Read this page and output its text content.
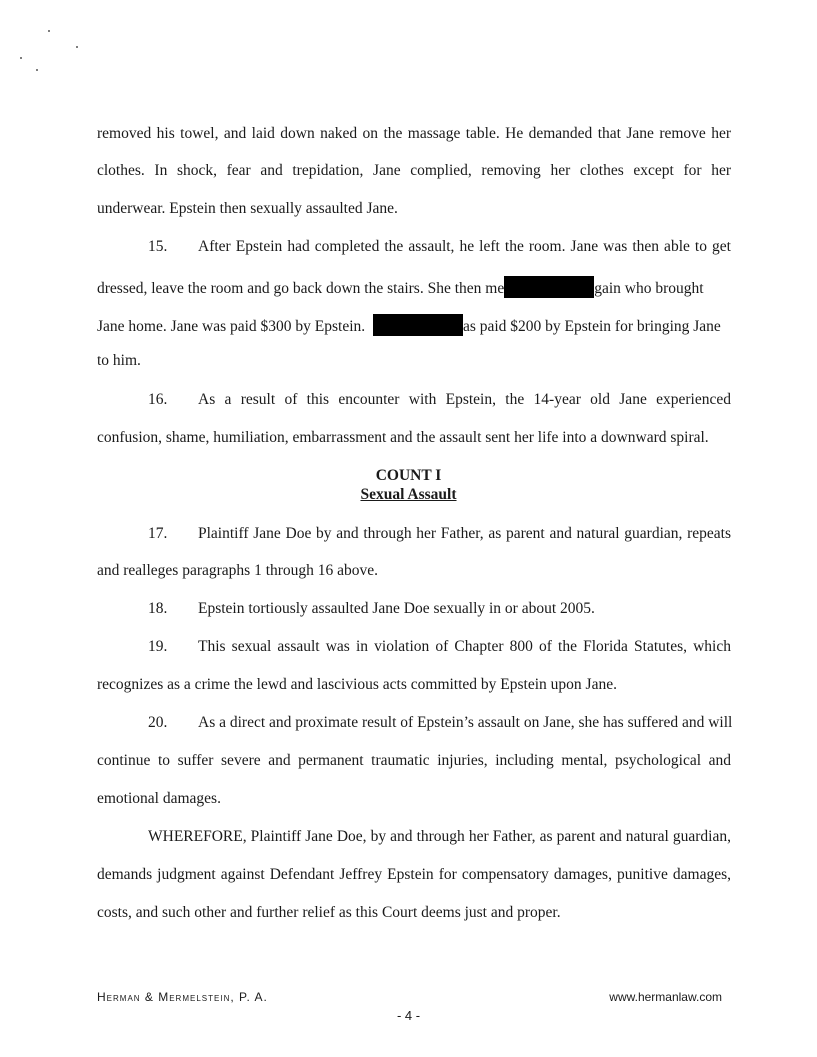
removed his towel, and laid down naked on the massage table. He demanded that Jane remove her
clothes. In shock, fear and trepidation, Jane complied, removing her clothes except for her
underwear. Epstein then sexually assaulted Jane.
15. After Epstein had completed the assault, he left the room. Jane was then able to get
dressed, leave the room and go back down the stairs. She then me	gain who brought
Jane home. Jane was paid $300 by Epstein.	as paid $200 by Epstein for bringing Jane
to him.
16. As a result of this encounter with Epstein, the 14-year old Jane experienced
confusion, shame, humiliation, embarrassment and the assault sent her life into a downward spiral.
COUNT I
Sexual Assault
17. Plaintiff Jane Doe by and through her Father, as parent and natural guardian, repeats
and realleges paragraphs 1 through 16 above.
18. Epstein tortiously assaulted Jane Doe sexually in or about 2005.
19. This sexual assault was in violation of Chapter 800 of the Florida Statutes, which
recognizes as a crime the lewd and lascivious acts committed by Epstein upon Jane.
20. As a direct and proximate result of Epstein’s assault on Jane, she has suffered and will
continue to suffer severe and permanent traumatic injuries, including mental, psychological and
emotional damages.
WHEREFORE, Plaintiff Jane Doe, by and through her Father, as parent and natural guardian,
demands judgment against Defendant Jeffrey Epstein for compensatory damages, punitive damages,
costs, and such other and further relief as this Court deems just and proper.
Herman & Mermelstein, P. A.	www.hermanlaw.com
- 4 -
